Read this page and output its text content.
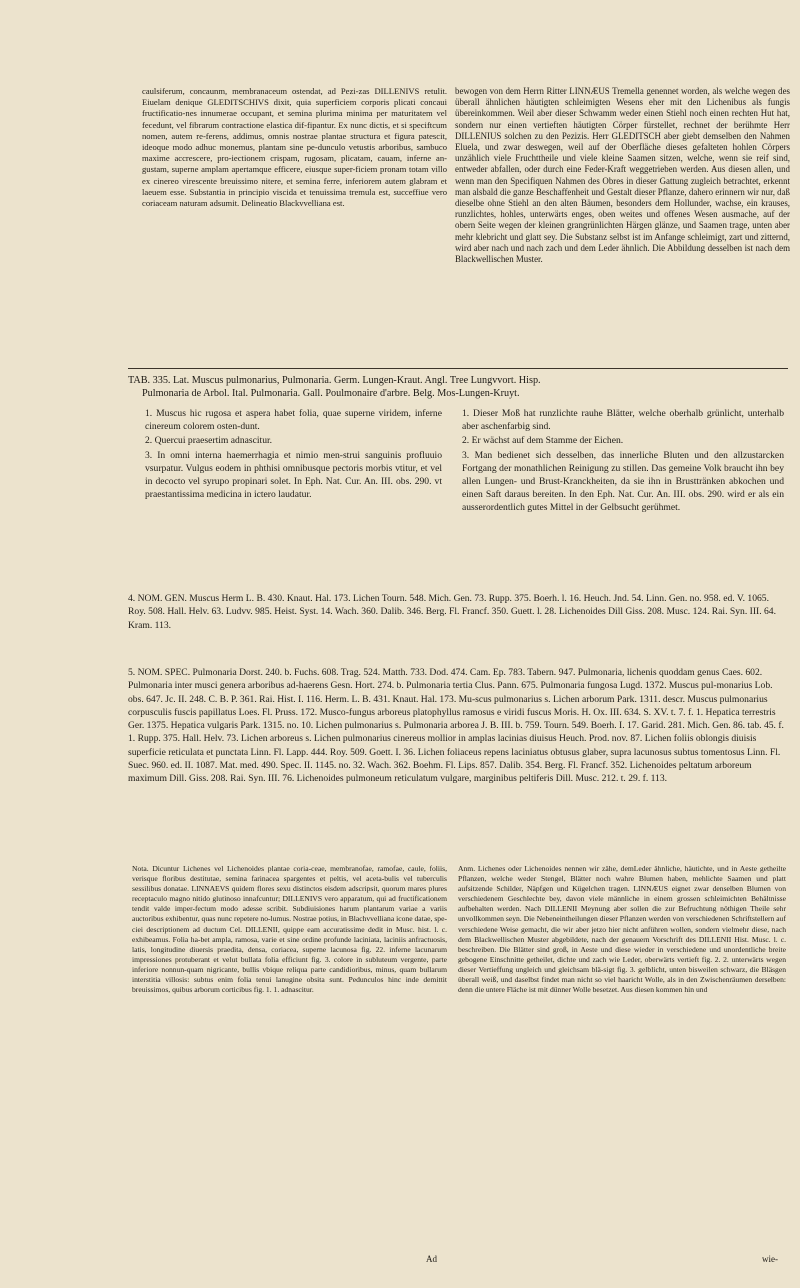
caulsiferum, concaunm, membranaceum ostendat, ad Pezi-zas DILLENIVS retulit. Eiuelam denique GLEDITSCHIVS dixit, quia superficiem corporis plicati concaui fructificatio-nes innumerae occupant, et semina plurima minima per maturitatem vel fecedunt, vel fibrarum contractione elastica dif-fipantur. Ex nunc dictis, et si speciftcum nomen, autem re-ferens, addimus, omnis nostrae plantae structura et figura patescit, ideoque modo adhuc monemus, plantam sine pe-dunculo vetustis arboribus, sambuco maxime accrescere, pro-iectionem crispam, rugosam, plicatam, cauam, inferne an-gustam, superne amplam apertamque efficere, eiusque super-ficiem pronam totam villo ex cinereo virescente breuissimo nitere, et semina ferre, inferiorem autem glabram et laeuem esse. Substantia in principio viscida et tenuissima tremula est, succeffiue vero coriaceam naturam adsumit. Delineatio Blackvvelliana est.

bewogen von dem Herrn Ritter LINNÆUS Tremella genennet worden, als welche wegen des überall ähnlichen häutigten schleimigten Wesens eher mit den Lichenibus als fungis übereinkommen. Weil aber dieser Schwamm weder einen Stiehl noch einen rechten Hut hat, sondern nur einen vertieften häutigten Cörper fürstellet, rechnet der berühmte Herr DILLENIUS solchen zu den Pezizis. Herr GLEDITSCH aber giebt demselben den Nahmen Eluela, und zwar deswegen, weil auf der Oberfläche dieses gefalteten hohlen Cörpers unzählich viele Fruchttheile und viele kleine Saamen sitzen, welche, wenn sie reif sind, entweder abfallen, oder durch eine Feder-Kraft weggetrieben werden. Aus diesen allen, und wenn man den Specifiquen Nahmen des Obres in dieser Gattung zugleich betrachtet, erkennt man alsbald die ganze Beschaffenheit und Gestalt dieser Pflanze, dahero erinnern wir nur, daß dieselbe ohne Stiehl an den alten Bäumen, besonders dem Hollunder, wachse, ein krauses, runzlichtes, hohles, unterwärts enges, oben weites und offenes Wesen ausmache, auf der obern Seite wegen der kleinen grangrünlichten Härgen glänze, und Saamen trage, unten aber mehr klebricht und glatt sey. Die Substanz selbst ist im Anfange schleimigt, zart und zitternd, wird aber nach und nach zach und dem Leder ähnlich. Die Abbildung desselben ist nach dem Blackwellischen Muster.

TAB. 335. Lat. Muscus pulmonarius, Pulmonaria. Germ. Lungen-Kraut. Angl. Tree Lungvvort. Hisp.
Pulmonaria de Arbol. Ital. Pulmonaria. Gall. Poulmonaire d'arbre. Belg. Mos-Lungen-Kruyt.

1. Muscus hic rugosa et aspera habet folia, quae superne viridem, inferne cinereum colorem osten-dunt.

2. Quercui praesertim adnascitur.

3. In omni interna haemerrhagia et nimio men-strui sanguinis profluuio vsurpatur. Vulgus eodem in phthisi omnibusque pectoris morbis vtitur, et vel in decocto vel syrupo propinari solet. In Eph. Nat. Cur. An. III. obs. 290. vt praestantissima medicina in ictero laudatur.

1. Dieser Moß hat runzlichte rauhe Blätter, welche oberhalb grünlicht, unterhalb aber aschenfarbig sind.

2. Er wächst auf dem Stamme der Eichen.

3. Man bedienet sich desselben, das innerliche Bluten und den allzustarcken Fortgang der monathlichen Reinigung zu stillen. Das gemeine Volk braucht ihn bey allen Lungen- und Brust-Kranckheiten, da sie ihn in Brusttränken abkochen und einen Saft daraus bereiten. In den Eph. Nat. Cur. An. III. obs. 290. wird er als ein ausserordentlich gutes Mittel in der Gelbsucht gerühmet.

4. NOM. GEN. Muscus Herm L. B. 430. Knaut. Hal. 173. Lichen Tourn. 548. Mich. Gen. 73. Rupp. 375. Boerh. l. 16. Heuch. Jnd. 54. Linn. Gen. no. 958. ed. V. 1065. Roy. 508. Hall. Helv. 63. Ludvv. 985. Heist. Syst. 14. Wach. 360. Dalib. 346. Berg. Fl. Francf. 350. Guett. l. 28. Lichenoides Dill Giss. 208. Musc. 124. Rai. Syn. III. 64. Kram. 113.

5. NOM. SPEC. Pulmonaria Dorst. 240. b. Fuchs. 608. Trag. 524. Matth. 733. Dod. 474. Cam. Ep. 783. Tabern. 947. Pulmonaria, lichenis quoddam genus Caes. 602. Pulmonaria inter musci genera arboribus ad-haerens Gesn. Hort. 274. b. Pulmonaria tertia Clus. Pann. 675. Pulmonaria fungosa Lugd. 1372. Muscus pul-monarius Lob. obs. 647. Jc. II. 248. C. B. P. 361. Rai. Hist. I. 116. Herm. L. B. 431. Knaut. Hal. 173. Mu-scus pulmonarius s. Lichen arborum Park. 1311. descr. Muscus pulmonarius corpusculis fuscis papillatus Loes. Fl. Pruss. 172. Musco-fungus arboreus platophyllus ramosus e viridi fuscus Moris. H. Ox. III. 634. S. XV. t. 7. f. 1. Hepatica terrestris Ger. 1375. Hepatica vulgaris Park. 1315. no. 10. Lichen pulmonarius s. Pulmonaria arborea J. B. III. b. 759. Tourn. 549. Boerh. I. 17. Garid. 281. Mich. Gen. 86. tab. 45. f. 1. Rupp. 375. Hall. Helv. 73. Lichen arboreus s. Lichen pulmonarius cinereus mollior in amplas lacinias diuisus Heuch. Prod. nov. 87. Lichen foliis oblongis diuisis superficie reticulata et punctata Linn. Fl. Lapp. 444. Roy. 509. Goett. I. 36. Lichen foliaceus repens laciniatus obtusus glaber, supra lacunosus subtus tomentosus Linn. Fl. Suec. 960. ed. II. 1087. Mat. med. 490. Spec. II. 1145. no. 32. Wach. 362. Boehm. Fl. Lips. 857. Dalib. 354. Berg. Fl. Francf. 352. Lichenoides peltatum arboreum maximum Dill. Giss. 208. Rai. Syn. III. 76. Lichenoides pulmoneum reticulatum vulgare, marginibus peltiferis Dill. Musc. 212. t. 29. f. 113.

Nota. Dicuntur Lichenes vel Lichenoides plantae coria-ceae, membranofae, ramofae, caule, foliis, verisque floribus destitutae, semina farinacea spargentes et peltis, vel aceta-bulis vel tuberculis sessilibus donatae. LINNAEVS quidem flores sexu distinctos eisdem adscripsit, quorum mares plures receptaculo magno nitido glutinoso innafcuntur; DILLENIVS vero apparatum, qui ad fructificationem tendit valde imper-fectum modo adesse scribit. Subdiuisiones harum plantarum variae a variis auctoribus exhibentur, quas nunc repetere no-lumus. Nostrae potius, in Blachvvelliana icone datae, spe-ciei descriptionem ad ductum Cel. DILLENII, quippe eam accuratissime dedit in Musc. hist. l. c. exhibeamus. Folia ha-bet ampla, ramosa, varie et sine ordine profunde laciniata, laciniis anfractuosis, latis, longitudine diuersis praedita, densa, coriacea, superne lacunosa fig. 22. inferne lacunarum impressiones protuberant et velut bullata folia efficiunt fig. 3. colore in subluteum vergente, parte inferiore nonnun-quam nigricante, bullis vbique reliqua parte candidioribus, minus, quam bullarum interstitia villosis: subtus enim folia tenui lanugine obsita sunt. Pedunculos hinc inde demittit breuissimos, quibus arborum corticibus fig. 1. 1. adnascitur.

Anm. Lichenes oder Lichenoides nennen wir zähe, demLeder ähnliche, häutichte, und in Aeste getheilte Pflanzen, welche weder Stengel, Blätter noch wahre Blumen haben, mehlichte Saamen und platt aufsitzende Schilder, Näpfgen und Kügelchen tragen. LINNÆUS eignet zwar denselben Blumen von verschiedenem Geschlechte bey, davon viele männliche in einem grossen schleimichten Behältnisse aufbehalten werden. Nach DILLENII Meynung aber sollen die zur Befruchtung nöthigen Theile sehr unvollkommen seyn. Die Nebeneintheilungen dieser Pflanzen werden von verschiedenen Schriftstellern auf verschiedene Weise gemacht, die wir aber jetzo hier nicht anführen wollen, sondern vielmehr diese, nach dem Blackwellischen Muster abgebildete, nach der genauern Vorschrift des DILLENII Hist. Musc. l. c. beschreiben. Die Blätter sind groß, in Aeste und diese wieder in verschiedene und unordentliche breite gebogene Einschnitte getheilet, dichte und zach wie Leder, oberwärts vertieft fig. 2. 2. unterwärts wegen dieser Vertieffung ungleich und gleichsam blä-sigt fig. 3. gelblicht, unten bisweilen schwarz, die Bläsgen überall weiß, und daselbst findet man nicht so viel haaricht Wolle, als in den Zwischenräumen derselben: denn die untere Fläche ist mit dünner Wolle besetzet. Aus diesen kommen hin und

Ad	wie-
